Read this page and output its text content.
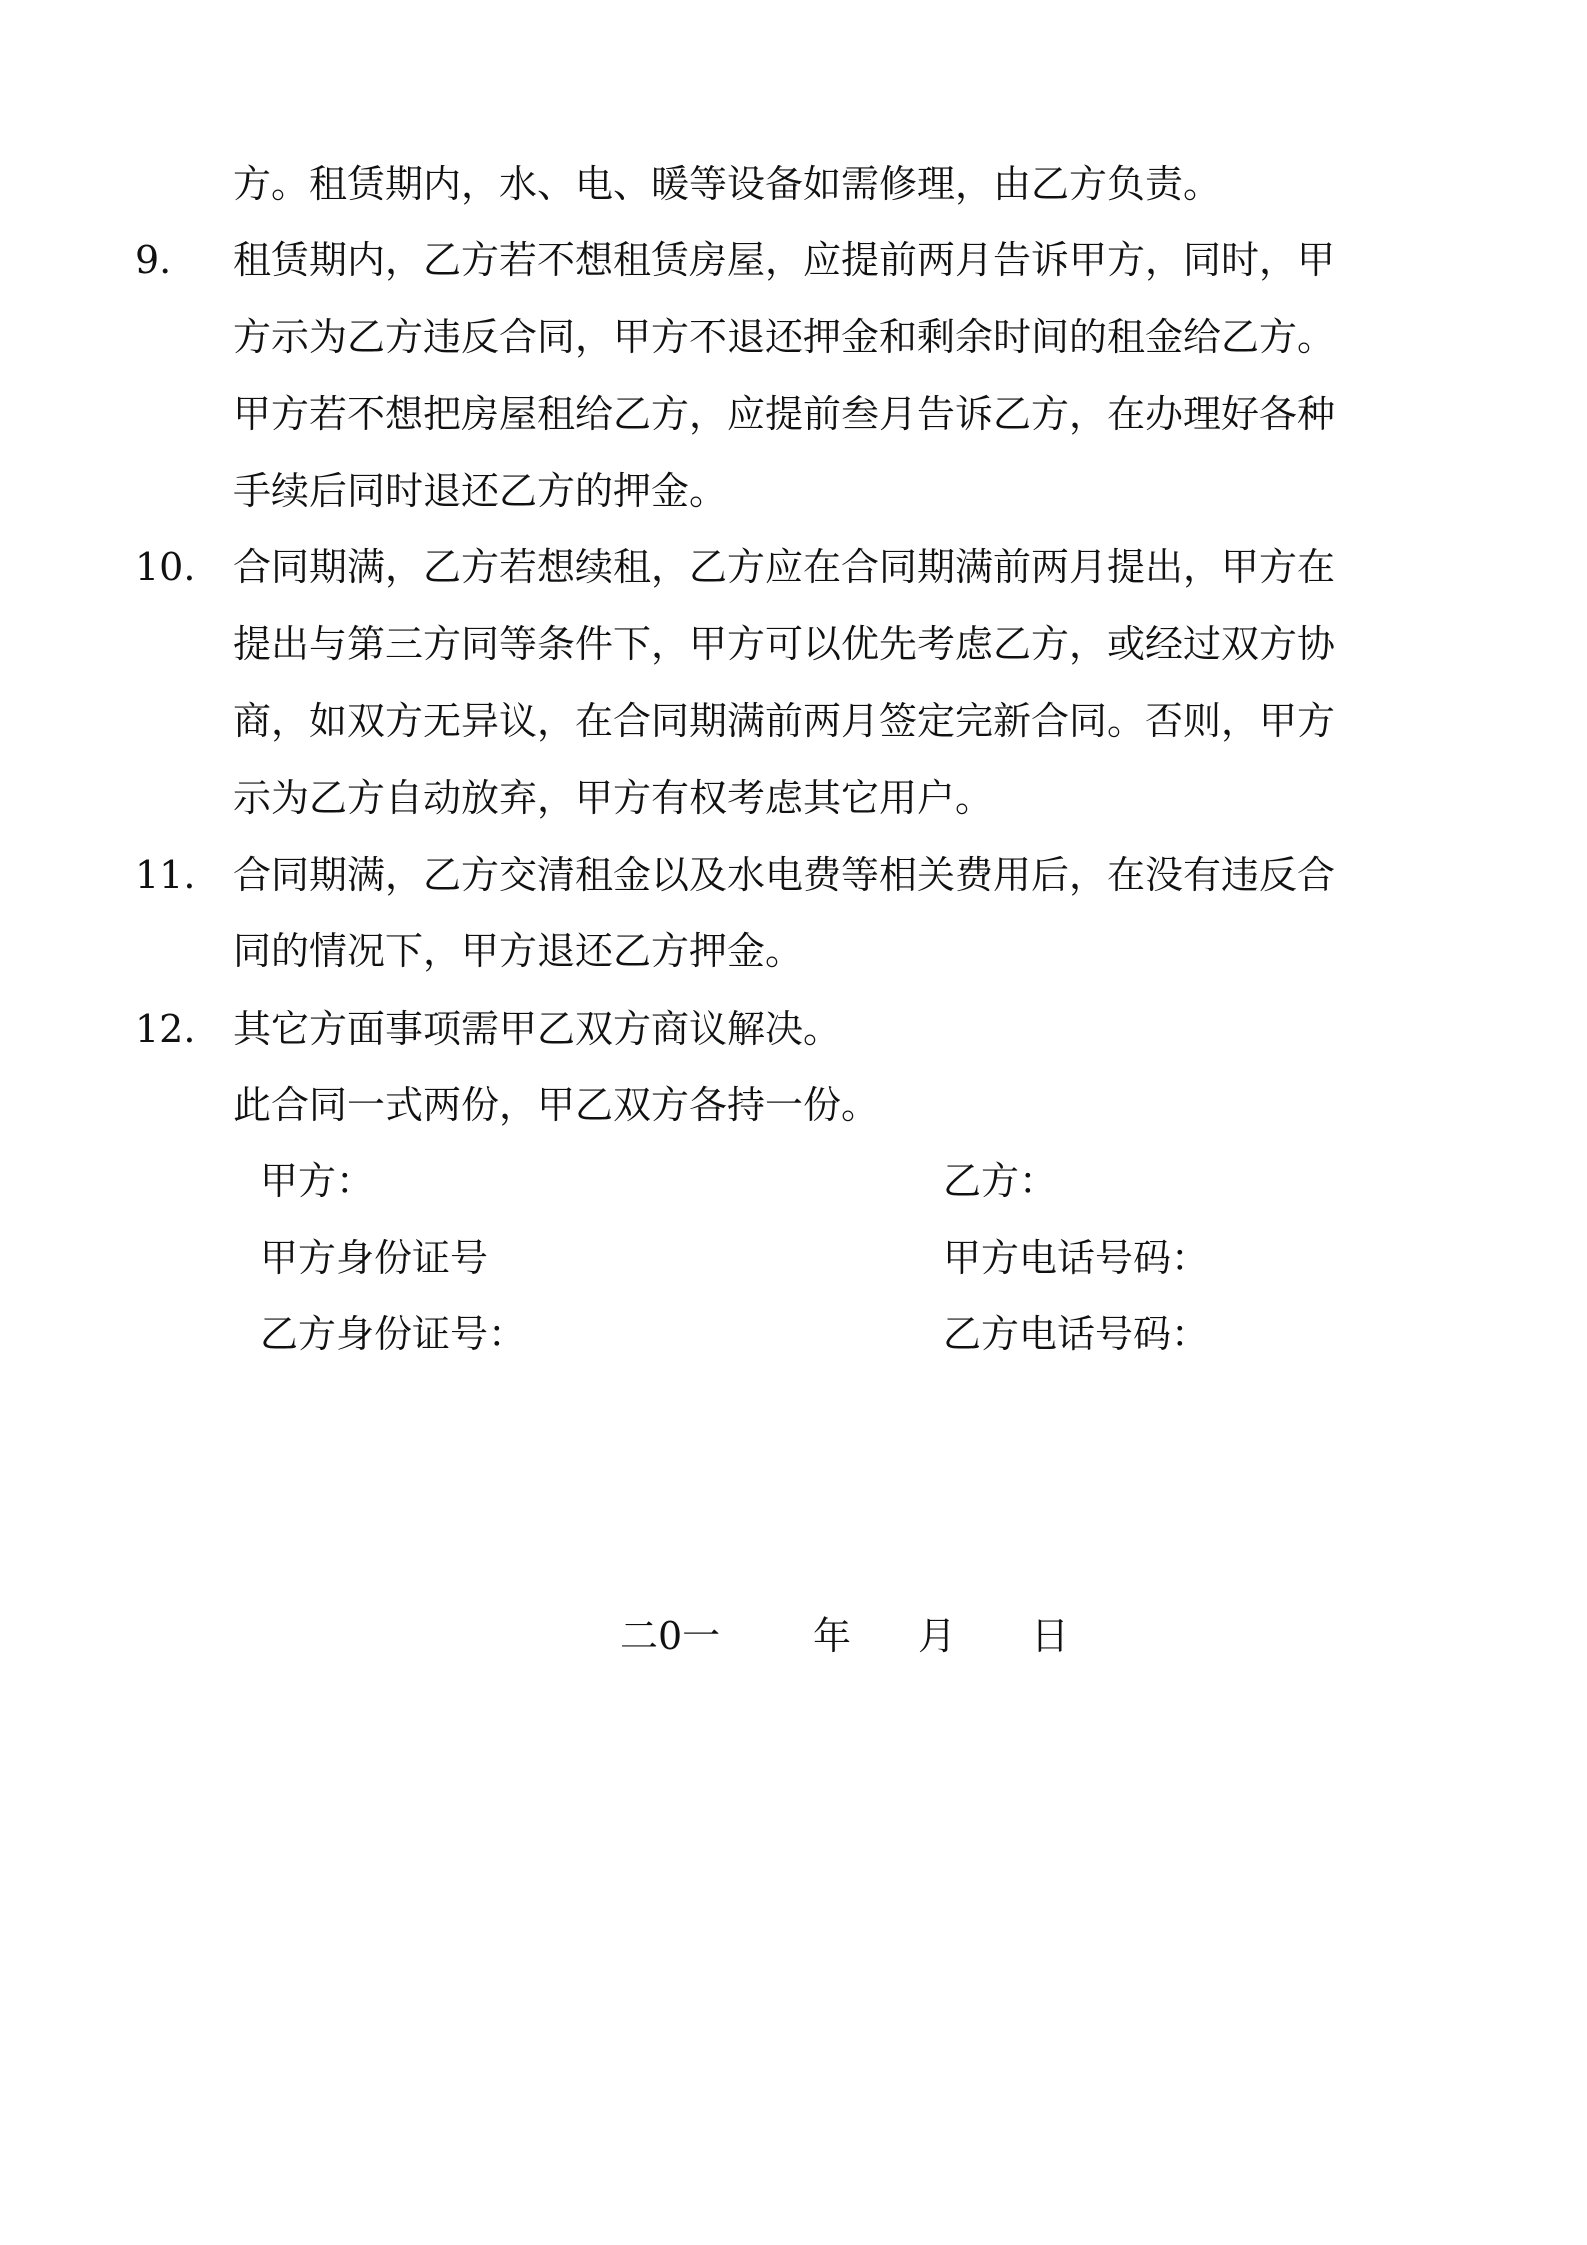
方。租赁期内，水、电、暖等设备如需修理，由乙方负责。
9. 租赁期内，乙方若不想租赁房屋，应提前两月告诉甲方，同时，甲
方示为乙方违反合同，甲方不退还押金和剩余时间的租金给乙方。
甲方若不想把房屋租给乙方，应提前叁月告诉乙方，在办理好各种
手续后同时退还乙方的押金。
10. 合同期满，乙方若想续租，乙方应在合同期满前两月提出，甲方在
提出与第三方同等条件下，甲方可以优先考虑乙方，或经过双方协
商，如双方无异议，在合同期满前两月签定完新合同。否则，甲方
示为乙方自动放弃，甲方有权考虑其它用户。
11. 合同期满，乙方交清租金以及水电费等相关费用后，在没有违反合
同的情况下，甲方退还乙方押金。
12. 其它方面事项需甲乙双方商议解决。
此合同一式两份，甲乙双方各持一份。
甲方：	乙方：
甲方身份证号	甲方电话号码：
乙方身份证号：	乙方电话号码：
二0一 年 月 日
